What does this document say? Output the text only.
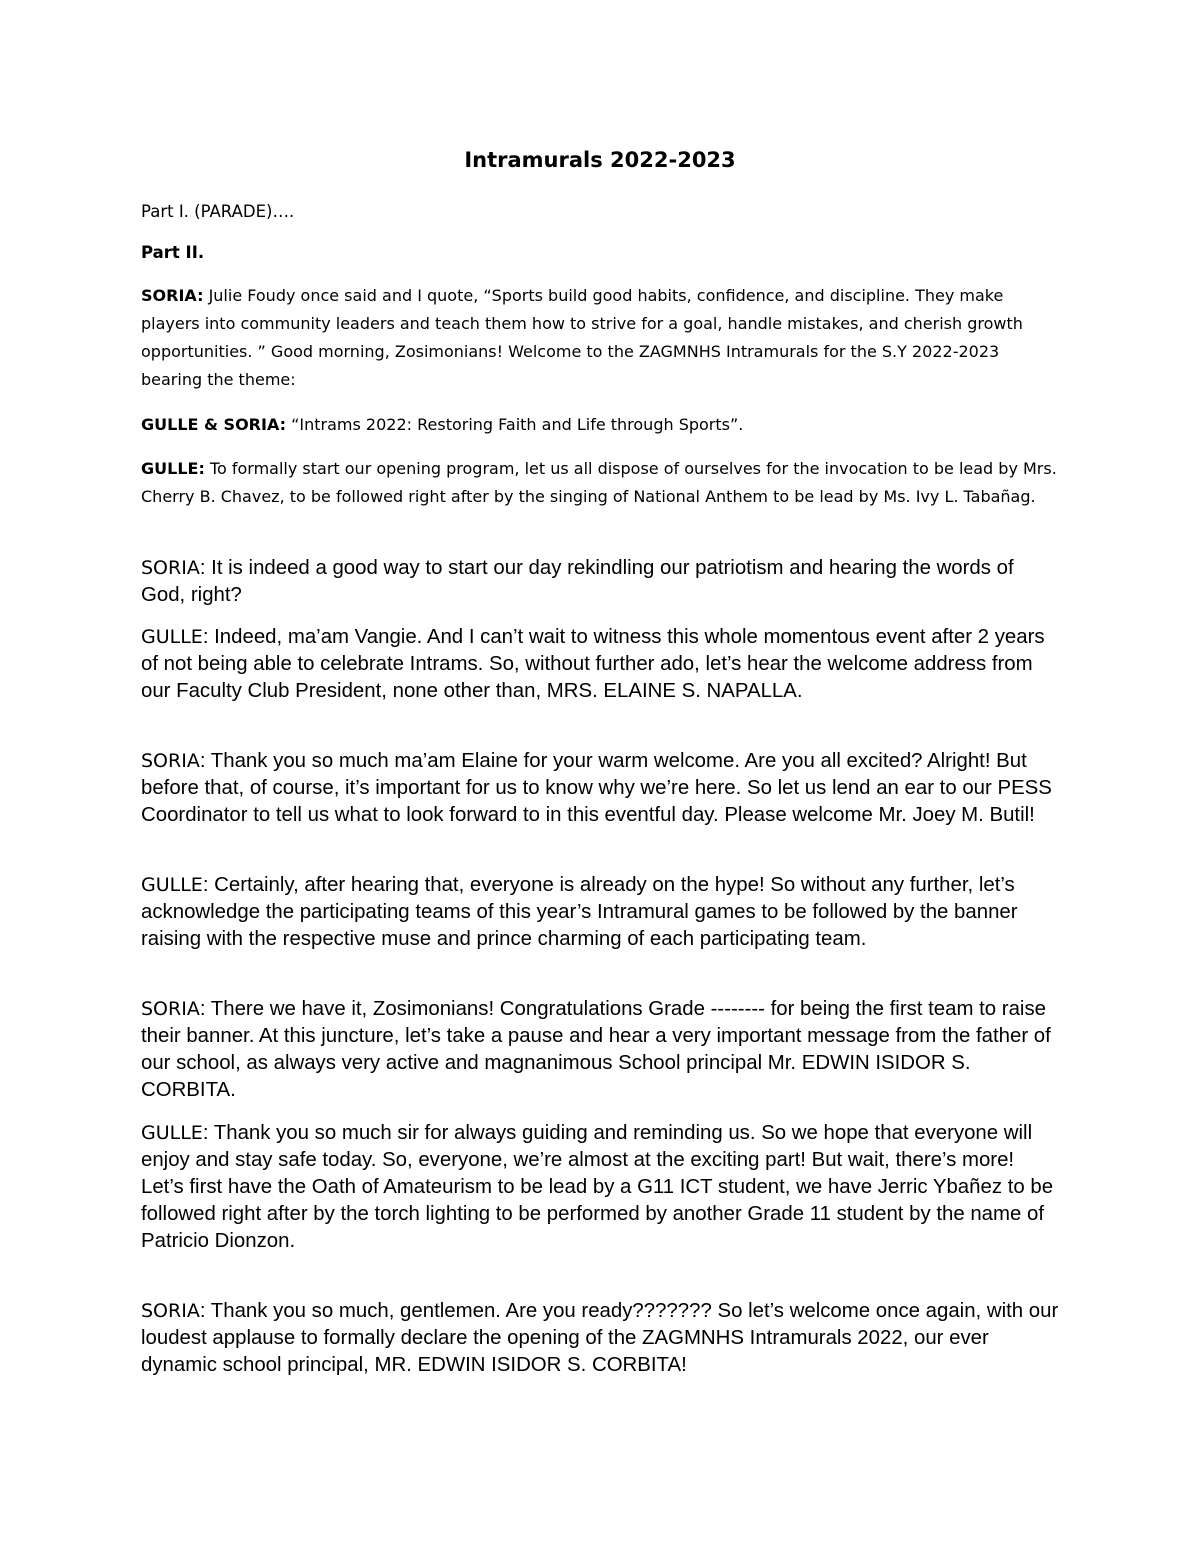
Intramurals 2022-2023

Part I. (PARADE)….

Part II.

SORIA: Julie Foudy once said and I quote, “Sports build good habits, confidence, and discipline. They make players into community leaders and teach them how to strive for a goal, handle mistakes, and cherish growth opportunities. ” Good morning, Zosimonians! Welcome to the ZAGMNHS Intramurals for the S.Y 2022-2023 bearing the theme:

GULLE & SORIA: “Intrams 2022: Restoring Faith and Life through Sports”.

GULLE: To formally start our opening program, let us all dispose of ourselves for the invocation to be lead by Mrs. Cherry B. Chavez, to be followed right after by the singing of National Anthem to be lead by Ms. Ivy L. Tabañag.

SORIA: It is indeed a good way to start our day rekindling our patriotism and hearing the words of God, right?

GULLE: Indeed, ma’am Vangie. And I can’t wait to witness this whole momentous event after 2 years of not being able to celebrate Intrams. So, without further ado, let’s hear the welcome address from our Faculty Club President, none other than, MRS. ELAINE S. NAPALLA.

SORIA: Thank you so much ma’am Elaine for your warm welcome. Are you all excited? Alright! But before that, of course, it’s important for us to know why we’re here. So let us lend an ear to our PESS Coordinator to tell us what to look forward to in this eventful day. Please welcome Mr. Joey M. Butil!

GULLE: Certainly, after hearing that, everyone is already on the hype! So without any further, let’s acknowledge the participating teams of this year’s Intramural games to be followed by the banner raising with the respective muse and prince charming of each participating team.

SORIA: There we have it, Zosimonians! Congratulations Grade -------- for being the first team to raise their banner. At this juncture, let’s take a pause and hear a very important message from the father of our school, as always very active and magnanimous School principal Mr. EDWIN ISIDOR S. CORBITA.

GULLE: Thank you so much sir for always guiding and reminding us. So we hope that everyone will enjoy and stay safe today. So, everyone, we’re almost at the exciting part! But wait, there’s more! Let’s first have the Oath of Amateurism to be lead by a G11 ICT student, we have Jerric Ybañez to be followed right after by the torch lighting to be performed by another Grade 11 student by the name of Patricio Dionzon.

SORIA: Thank you so much, gentlemen. Are you ready??????? So let’s welcome once again, with our loudest applause to formally declare the opening of the ZAGMNHS Intramurals 2022, our ever dynamic school principal, MR. EDWIN ISIDOR S. CORBITA!
